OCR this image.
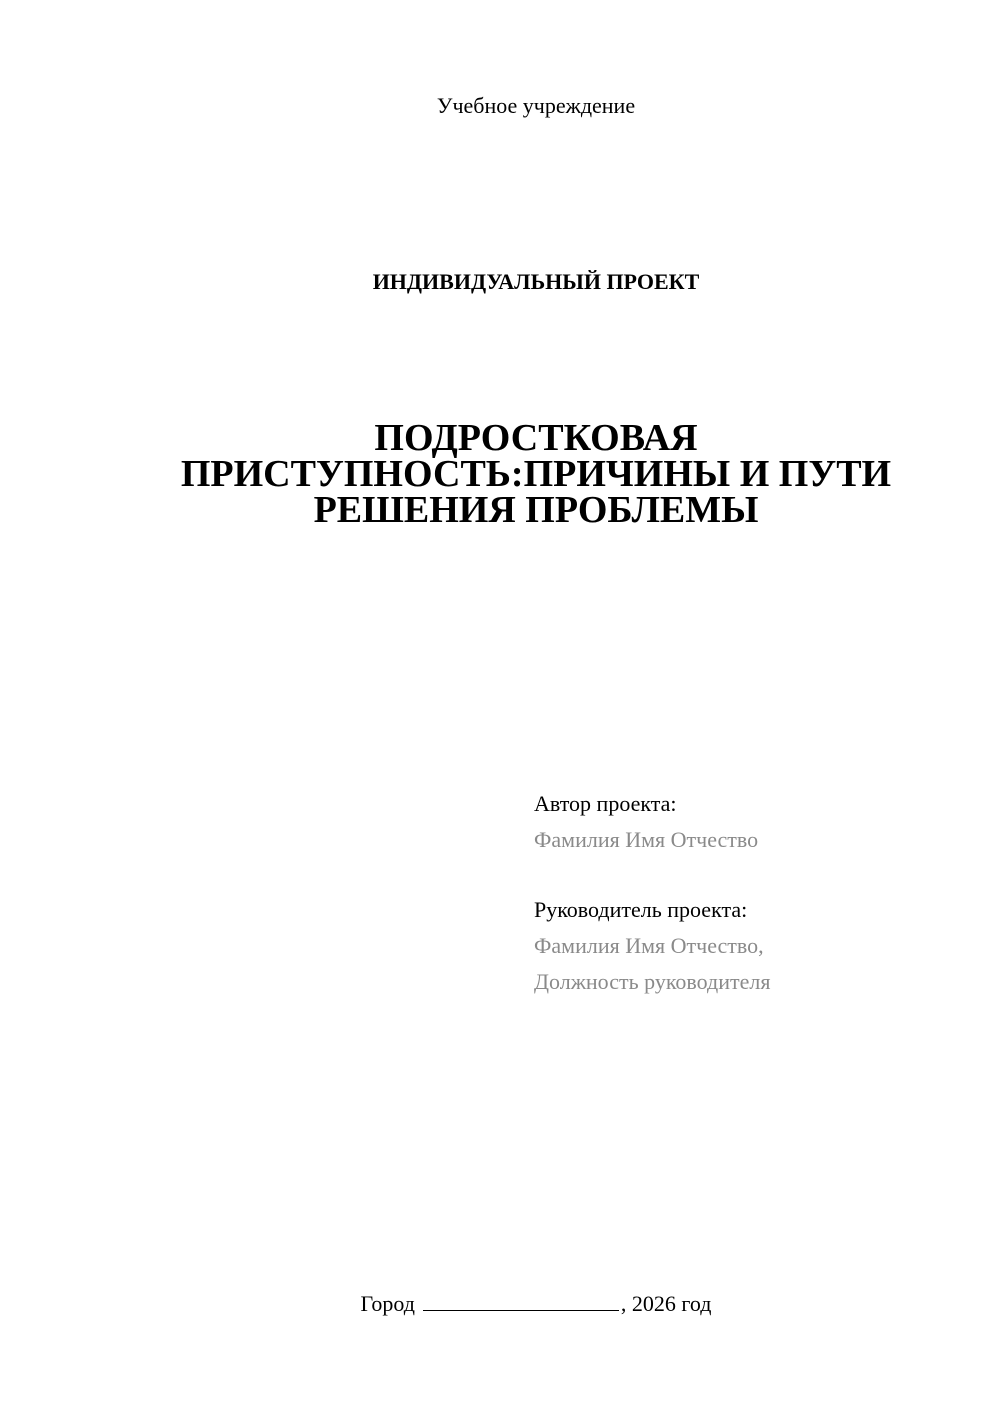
Учебное учреждение
ИНДИВИДУАЛЬНЫЙ ПРОЕКТ
ПОДРОСТКОВАЯ
ПРИСТУПНОСТЬ:ПРИЧИНЫ И ПУТИ
РЕШЕНИЯ ПРОБЛЕМЫ
Автор проекта:
Фамилия Имя Отчество
Руководитель проекта:
Фамилия Имя Отчество,
Должность руководителя
Город	, 2026 год
